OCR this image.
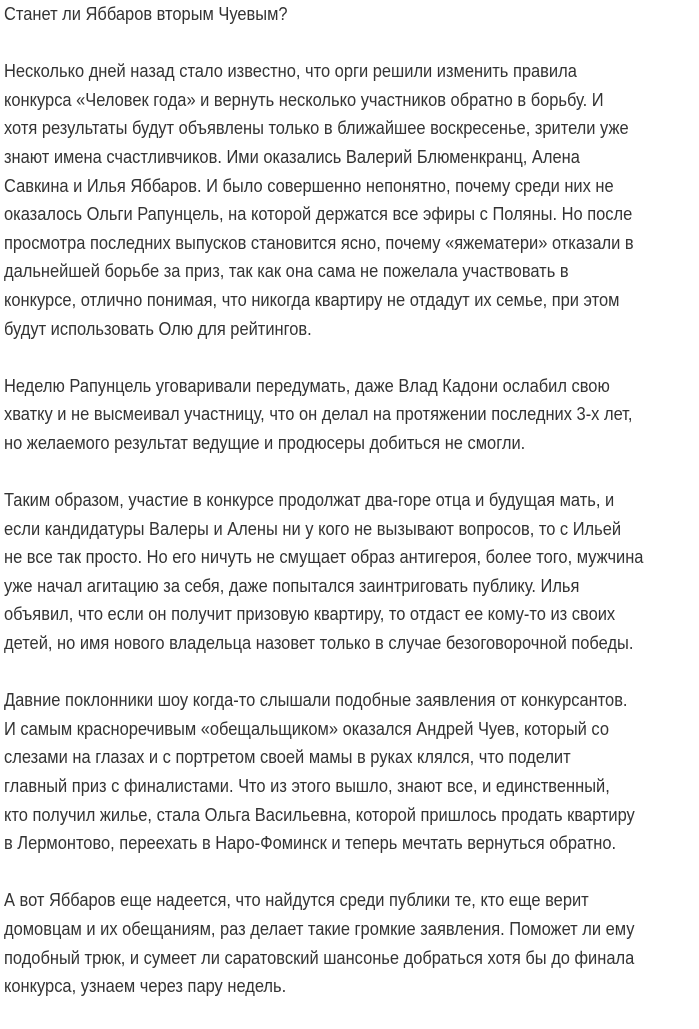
Станет ли Яббаров вторым Чуевым?
Несколько дней назад стало известно, что орги решили изменить правила
конкурса «Человек года» и вернуть несколько участников обратно в борьбу. И
хотя результаты будут объявлены только в ближайшее воскресенье, зрители уже
знают имена счастливчиков. Ими оказались Валерий Блюменкранц, Алена
Савкина и Илья Яббаров. И было совершенно непонятно, почему среди них не
оказалось Ольги Рапунцель, на которой держатся все эфиры с Поляны. Но после
просмотра последних выпусков становится ясно, почему «яжематери» отказали в
дальнейшей борьбе за приз, так как она сама не пожелала участвовать в
конкурсе, отлично понимая, что никогда квартиру не отдадут их семье, при этом
будут использовать Олю для рейтингов.
Неделю Рапунцель уговаривали передумать, даже Влад Кадони ослабил свою
хватку и не высмеивал участницу, что он делал на протяжении последних 3-х лет,
но желаемого результат ведущие и продюсеры добиться не смогли.
Таким образом, участие в конкурсе продолжат два-горе отца и будущая мать, и
если кандидатуры Валеры и Алены ни у кого не вызывают вопросов, то с Ильей
не все так просто. Но его ничуть не смущает образ антигероя, более того, мужчина
уже начал агитацию за себя, даже попытался заинтриговать публику. Илья
объявил, что если он получит призовую квартиру, то отдаст ее кому-то из своих
детей, но имя нового владельца назовет только в случае безоговорочной победы.
Давние поклонники шоу когда-то слышали подобные заявления от конкурсантов.
И самым красноречивым «обещальщиком» оказался Андрей Чуев, который со
слезами на глазах и с портретом своей мамы в руках клялся, что поделит
главный приз с финалистами. Что из этого вышло, знают все, и единственный,
кто получил жилье, стала Ольга Васильевна, которой пришлось продать квартиру
в Лермонтово, переехать в Наро-Фоминск и теперь мечтать вернуться обратно.
А вот Яббаров еще надеется, что найдутся среди публики те, кто еще верит
домовцам и их обещаниям, раз делает такие громкие заявления. Поможет ли ему
подобный трюк, и сумеет ли саратовский шансонье добраться хотя бы до финала
конкурса, узнаем через пару недель.
